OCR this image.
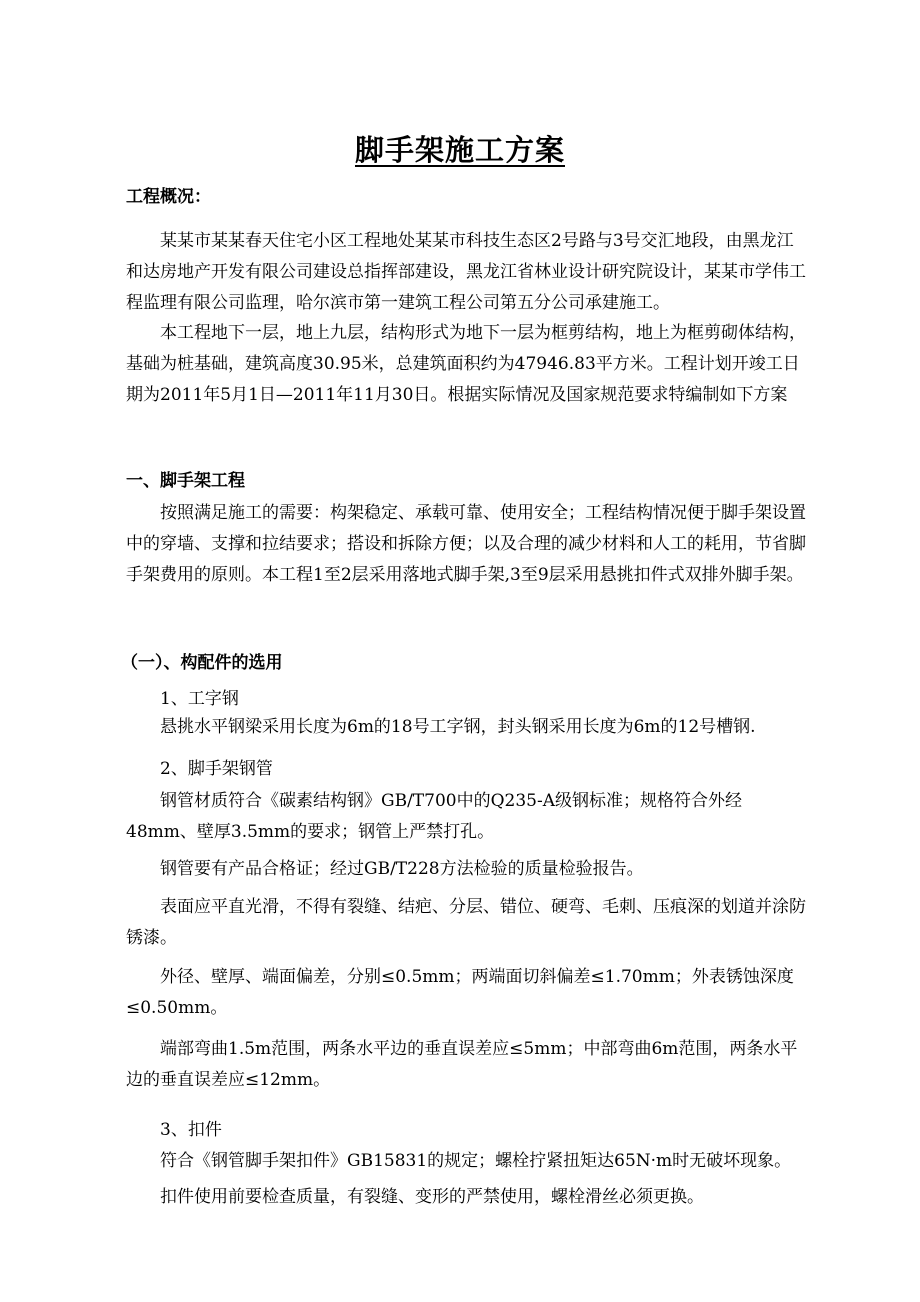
脚手架施工方案
工程概况：

某某市某某春天住宅小区工程地处某某市科技生态区2号路与3号交汇地段，由黑龙江和达房地产开发有限公司建设总指挥部建设，黑龙江省林业设计研究院设计，某某市学伟工程监理有限公司监理，哈尔滨市第一建筑工程公司第五分公司承建施工。

本工程地下一层，地上九层，结构形式为地下一层为框剪结构，地上为框剪砌体结构，基础为桩基础，建筑高度30.95米，总建筑面积约为47946.83平方米。工程计划开竣工日期为2011年5月1日—2011年11月30日。根据实际情况及国家规范要求特编制如下方案

一、脚手架工程

按照满足施工的需要：构架稳定、承载可靠、使用安全；工程结构情况便于脚手架设置中的穿墙、支撑和拉结要求；搭设和拆除方便；以及合理的减少材料和人工的耗用，节省脚手架费用的原则。本工程1至2层采用落地式脚手架,3至9层采用悬挑扣件式双排外脚手架。

（一）、构配件的选用
1、工字钢

悬挑水平钢梁采用长度为6m的18号工字钢，封头钢采用长度为6m的12号槽钢.

2、脚手架钢管

钢管材质符合《碳素结构钢》GB/T700中的Q235-A级钢标准；规格符合外经48mm、壁厚3.5mm的要求；钢管上严禁打孔。

钢管要有产品合格证；经过GB/T228方法检验的质量检验报告。

表面应平直光滑，不得有裂缝、结疤、分层、错位、硬弯、毛刺、压痕深的划道并涂防锈漆。

外径、壁厚、端面偏差，分别≤0.5mm；两端面切斜偏差≤1.70mm；外表锈蚀深度≤0.50mm。

端部弯曲1.5m范围，两条水平边的垂直误差应≤5mm；中部弯曲6m范围，两条水平边的垂直误差应≤12mm。

3、扣件

符合《钢管脚手架扣件》GB15831的规定；螺栓拧紧扭矩达65N·m时无破坏现象。

扣件使用前要检查质量，有裂缝、变形的严禁使用，螺栓滑丝必须更换。
